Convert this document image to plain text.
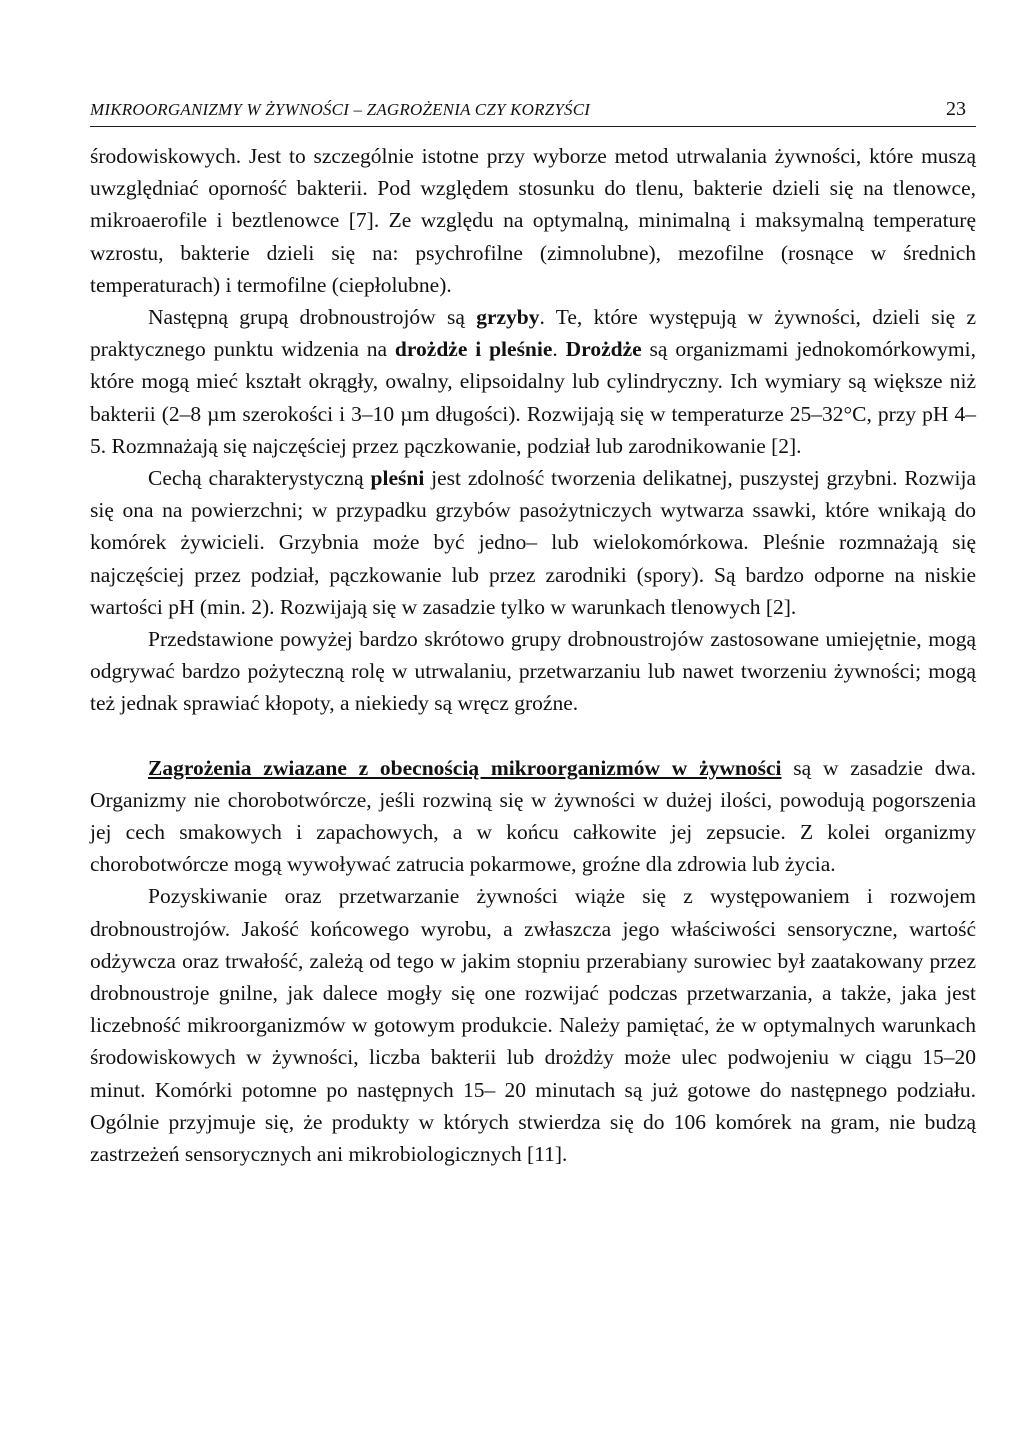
MIKROORGANIZMY W ŻYWNOŚCI – ZAGROŻENIA CZY KORZYŚCI	23

środowiskowych. Jest to szczególnie istotne przy wyborze metod utrwalania żywności, które muszą uwzględniać oporność bakterii. Pod względem stosunku do tlenu, bakterie dzieli się na tlenowce, mikroaerofile i beztlenowce [7]. Ze względu na optymalną, minimalną i maksymalną temperaturę wzrostu, bakterie dzieli się na: psychrofilne (zimnolubne), mezofilne (rosnące w średnich temperaturach) i termofilne (ciepłolubne).

Następną grupą drobnoustrojów są grzyby. Te, które występują w żywności, dzieli się z praktycznego punktu widzenia na drożdże i pleśnie. Drożdże są organizmami jednokomórkowymi, które mogą mieć kształt okrągły, owalny, elipsoidalny lub cylindryczny. Ich wymiary są większe niż bakterii (2–8 µm szerokości i 3–10 µm długości). Rozwijają się w temperaturze 25–32°C, przy pH 4–5. Rozmnażają się najczęściej przez pączkowanie, podział lub zarodnikowanie [2].

Cechą charakterystyczną pleśni jest zdolność tworzenia delikatnej, puszystej grzybni. Rozwija się ona na powierzchni; w przypadku grzybów pasożytniczych wytwarza ssawki, które wnikają do komórek żywicieli. Grzybnia może być jedno– lub wielokomórkowa. Pleśnie rozmnażają się najczęściej przez podział, pączkowanie lub przez zarodniki (spory). Są bardzo odporne na niskie wartości pH (min. 2). Rozwijają się w zasadzie tylko w warunkach tlenowych [2].

Przedstawione powyżej bardzo skrótowo grupy drobnoustrojów zastosowane umiejętnie, mogą odgrywać bardzo pożyteczną rolę w utrwalaniu, przetwarzaniu lub nawet tworzeniu żywności; mogą też jednak sprawiać kłopoty, a niekiedy są wręcz groźne.

Zagrożenia zwiazane z obecnością mikroorganizmów w żywności są w zasadzie dwa. Organizmy nie chorobotwórcze, jeśli rozwiną się w żywności w dużej ilości, powodują pogorszenia jej cech smakowych i zapachowych, a w końcu całkowite jej zepsucie. Z kolei organizmy chorobotwórcze mogą wywoływać zatrucia pokarmowe, groźne dla zdrowia lub życia.

Pozyskiwanie oraz przetwarzanie żywności wiąże się z występowaniem i rozwojem drobnoustrojów. Jakość końcowego wyrobu, a zwłaszcza jego właściwości sensoryczne, wartość odżywcza oraz trwałość, zależą od tego w jakim stopniu przerabiany surowiec był zaatakowany przez drobnoustroje gnilne, jak dalece mogły się one rozwijać podczas przetwarzania, a także, jaka jest liczebność mikroorganizmów w gotowym produkcie. Należy pamiętać, że w optymalnych warunkach środowiskowych w żywności, liczba bakterii lub drożdży może ulec podwojeniu w ciągu 15–20 minut. Komórki potomne po następnych 15– 20 minutach są już gotowe do następnego podziału. Ogólnie przyjmuje się, że produkty w których stwierdza się do 106 komórek na gram, nie budzą zastrzeżeń sensorycznych ani mikrobiologicznych [11].
